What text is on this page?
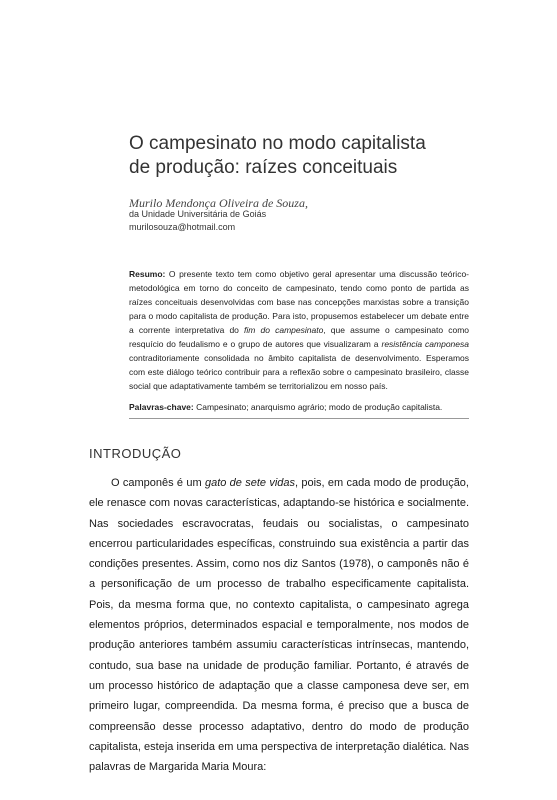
O campesinato no modo capitalista
de produção: raízes conceituais
Murilo Mendonça Oliveira de Souza,
da Unidade Universitária de Goiás
murilosouza@hotmail.com

Resumo: O presente texto tem como objetivo geral apresentar uma discussão teórico-metodológica em torno do conceito de campesinato, tendo como ponto de partida as raízes conceituais desenvolvidas com base nas concepções marxistas sobre a transição para o modo capitalista de produção. Para isto, propusemos estabelecer um debate entre a corrente interpretativa do fim do campesinato, que assume o campesinato como resquício do feudalismo e o grupo de autores que visualizaram a resistência camponesa contraditoriamente consolidada no âmbito capitalista de desenvolvimento. Esperamos com este diálogo teórico contribuir para a reflexão sobre o campesinato brasileiro, classe social que adaptativamente também se territorializou em nosso país.

Palavras-chave: Campesinato; anarquismo agrário; modo de produção capitalista.

INTRODUÇÃO

O camponês é um gato de sete vidas, pois, em cada modo de produção, ele renasce com novas características, adaptando-se histórica e socialmente. Nas sociedades escravocratas, feudais ou socialistas, o campesinato encerrou particularidades específicas, construindo sua existência a partir das condições presentes. Assim, como nos diz Santos (1978), o camponês não é a personificação de um processo de trabalho especificamente capitalista. Pois, da mesma forma que, no contexto capitalista, o campesinato agrega elementos próprios, determinados espacial e temporalmente, nos modos de produção anteriores também assumiu características intrínsecas, mantendo, contudo, sua base na unidade de produção familiar. Portanto, é através de um processo histórico de adaptação que a classe camponesa deve ser, em primeiro lugar, compreendida. Da mesma forma, é preciso que a busca de compreensão desse processo adaptativo, dentro do modo de produção capitalista, esteja inserida em uma perspectiva de interpretação dialética. Nas palavras de Margarida Maria Moura:
